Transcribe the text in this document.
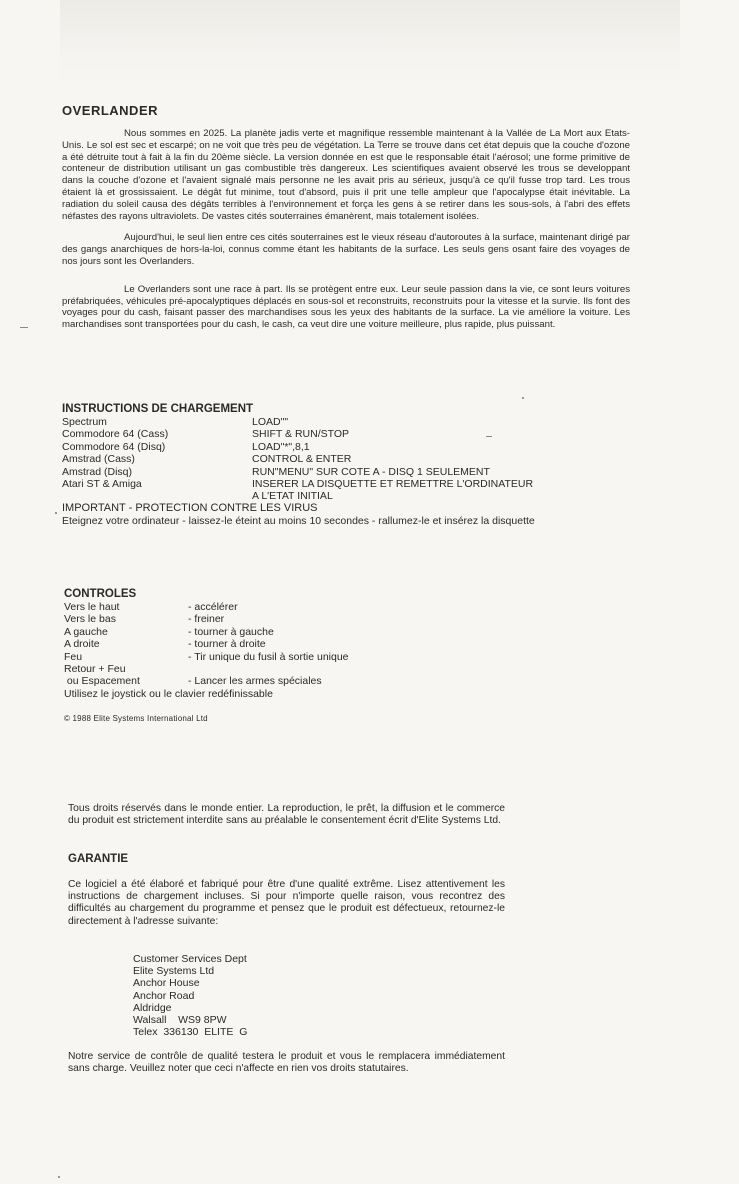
OVERLANDER

Nous sommes en 2025. La planète jadis verte et magnifique ressemble maintenant à la Vallée de La Mort aux Etats-Unis. Le sol est sec et escarpé; on ne voit que très peu de végétation. La Terre se trouve dans cet état depuis que la couche d'ozone a été détruite tout à fait à la fin du 20ème siècle. La version donnée en est que le responsable était l'aérosol; une forme primitive de conteneur de distribution utilisant un gas combustible très dangereux. Les scientifiques avaient observé les trous se developpant dans la couche d'ozone et l'avaient signalé mais personne ne les avait pris au sérieux, jusqu'à ce qu'il fusse trop tard. Les trous étaient là et grossissaient. Le dégât fut minime, tout d'absord, puis il prit une telle ampleur que l'apocalypse était inévitable. La radiation du soleil causa des dégâts terribles à l'environnement et força les gens à se retirer dans les sous-sols, à l'abri des effets néfastes des rayons ultraviolets. De vastes cités souterraines émanèrent, mais totalement isolées.

Aujourd'hui, le seul lien entre ces cités souterraines est le vieux réseau d'autoroutes à la surface, maintenant dirigé par des gangs anarchiques de hors-la-loi, connus comme étant les habitants de la surface. Les seuls gens osant faire des voyages de nos jours sont les Overlanders.

Le Overlanders sont une race à part. Ils se protègent entre eux. Leur seule passion dans la vie, ce sont leurs voitures préfabriquées, véhicules pré-apocalyptiques déplacés en sous-sol et reconstruits, reconstruits pour la vitesse et la survie. Ils font des voyages pour du cash, faisant passer des marchandises sous les yeux des habitants de la surface. La vie améliore la voiture. Les marchandises sont transportées pour du cash, le cash, ca veut dire une voiture meilleure, plus rapide, plus puissant.

INSTRUCTIONS DE CHARGEMENT
Spectrum	LOAD""
Commodore 64 (Cass)	SHIFT & RUN/STOP
Commodore 64 (Disq)	LOAD"*",8,1
Amstrad (Cass)	CONTROL & ENTER
Amstrad (Disq)	RUN"MENU" SUR COTE A - DISQ 1 SEULEMENT
Atari ST & Amiga	INSERER LA DISQUETTE ET REMETTRE L'ORDINATEUR
A L'ETAT INITIAL
IMPORTANT - PROTECTION CONTRE LES VIRUS
Eteignez votre ordinateur - laissez-le éteint au moins 10 secondes - rallumez-le et insérez la disquette
CONTROLES
Vers le haut	- accélérer
Vers le bas	- freiner
A gauche	- tourner à gauche
A droite	- tourner à droite
Feu	- Tir unique du fusil à sortie unique
Retour + Feu
ou Espacement	- Lancer les armes spéciales
Utilisez le joystick ou le clavier redéfinissable
© 1988 Elite Systems International Ltd
Tous droits réservés dans le monde entier. La reproduction, le prêt, la diffusion et le commerce du produit est strictement interdite sans au préalable le consentement écrit d'Elite Systems Ltd.
GARANTIE
Ce logiciel a été élaboré et fabriqué pour être d'une qualité extrême. Lisez attentivement les instructions de chargement incluses. Si pour n'importe quelle raison, vous recontrez des difficultés au chargement du programme et pensez que le produit est défectueux, retournez-le directement à l'adresse suivante:
Customer Services Dept
Elite Systems Ltd
Anchor House
Anchor Road
Aldridge
Walsall    WS9 8PW
Telex  336130  ELITE  G
Notre service de contrôle de qualité testera le produit et vous le remplacera immédiatement sans charge. Veuillez noter que ceci n'affecte en rien vos droits statutaires.
